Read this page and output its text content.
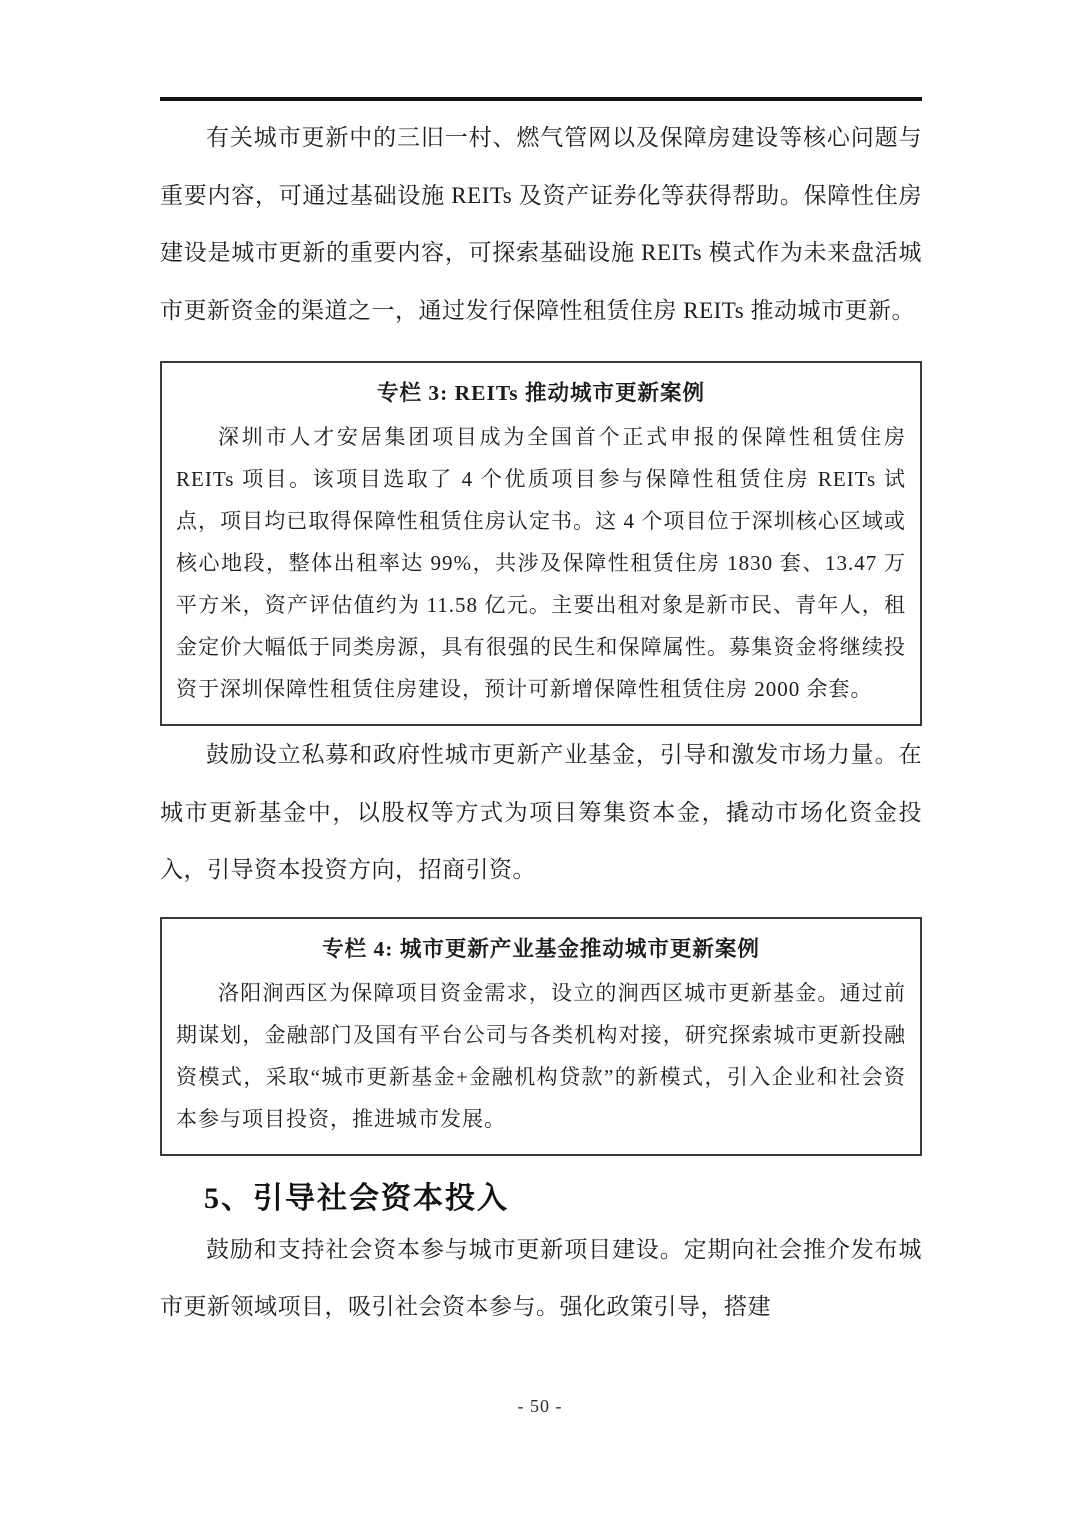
有关城市更新中的三旧一村、燃气管网以及保障房建设等核心问题与重要内容，可通过基础设施 REITs 及资产证券化等获得帮助。保障性住房建设是城市更新的重要内容，可探索基础设施 REITs 模式作为未来盘活城市更新资金的渠道之一，通过发行保障性租赁住房 REITs 推动城市更新。

专栏 3: REITs 推动城市更新案例

深圳市人才安居集团项目成为全国首个正式申报的保障性租赁住房 REITs 项目。该项目选取了 4 个优质项目参与保障性租赁住房 REITs 试点，项目均已取得保障性租赁住房认定书。这 4 个项目位于深圳核心区域或核心地段，整体出租率达 99%，共涉及保障性租赁住房 1830 套、13.47 万平方米，资产评估值约为 11.58 亿元。主要出租对象是新市民、青年人，租金定价大幅低于同类房源，具有很强的民生和保障属性。募集资金将继续投资于深圳保障性租赁住房建设，预计可新增保障性租赁住房 2000 余套。

鼓励设立私募和政府性城市更新产业基金，引导和激发市场力量。在城市更新基金中，以股权等方式为项目筹集资本金，撬动市场化资金投入，引导资本投资方向，招商引资。

专栏 4: 城市更新产业基金推动城市更新案例

洛阳涧西区为保障项目资金需求，设立的涧西区城市更新基金。通过前期谋划，金融部门及国有平台公司与各类机构对接，研究探索城市更新投融资模式，采取“城市更新基金+金融机构贷款”的新模式，引入企业和社会资本参与项目投资，推进城市发展。

5、引导社会资本投入

鼓励和支持社会资本参与城市更新项目建设。定期向社会推介发布城市更新领域项目，吸引社会资本参与。强化政策引导，搭建

- 50 -
